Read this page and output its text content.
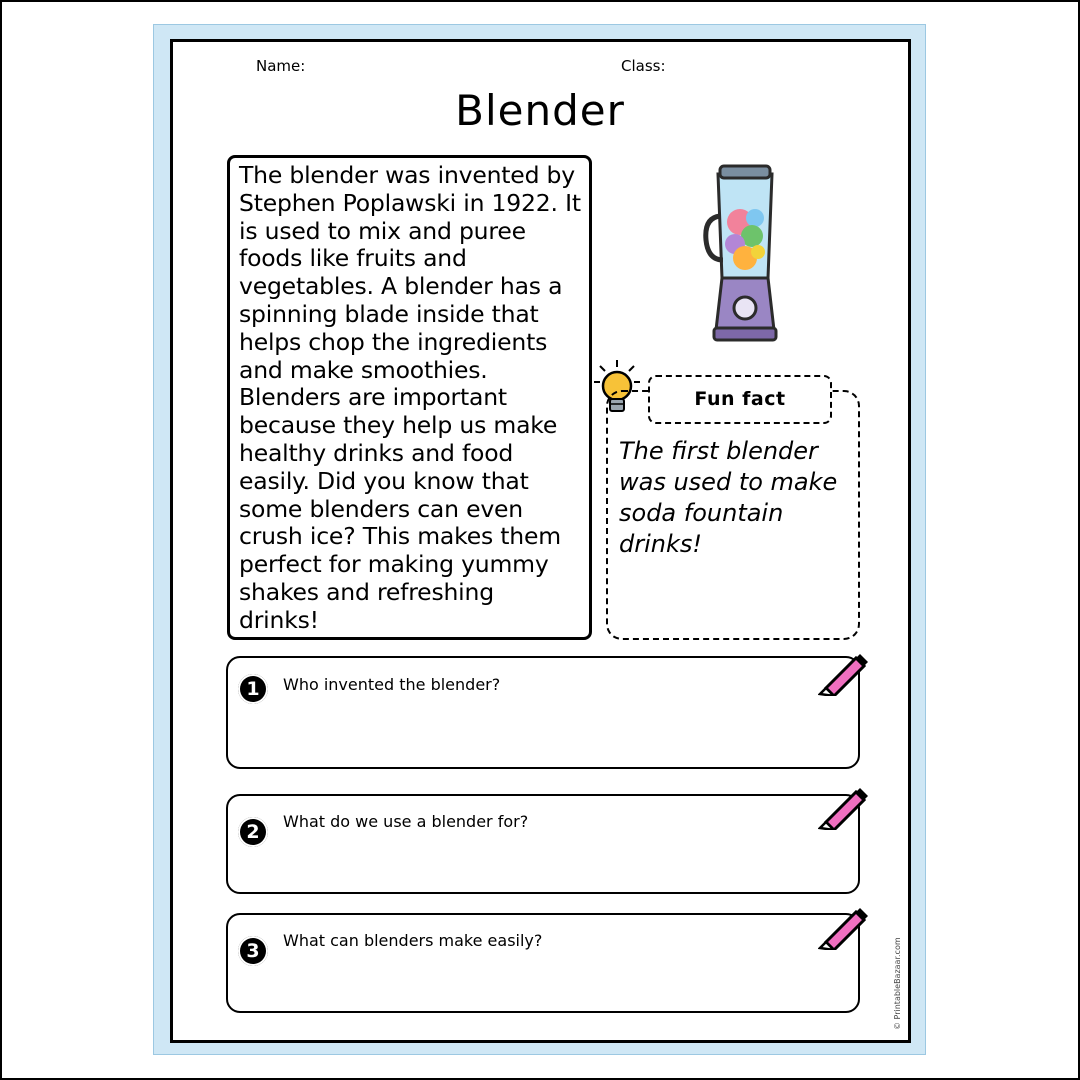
Name:	Class:
Blender
The blender was invented by Stephen Poplawski in 1922. It is used to mix and puree foods like fruits and vegetables. A blender has a spinning blade inside that helps chop the ingredients and make smoothies. Blenders are important because they help us make healthy drinks and food easily. Did you know that some blenders can even crush ice? This makes them perfect for making yummy shakes and refreshing drinks!
Fun fact
The first blender was used to make soda fountain drinks!
1	Who invented the blender?
2	What do we use a blender for?
3	What can blenders make easily?	© PrintableBazaar.com
